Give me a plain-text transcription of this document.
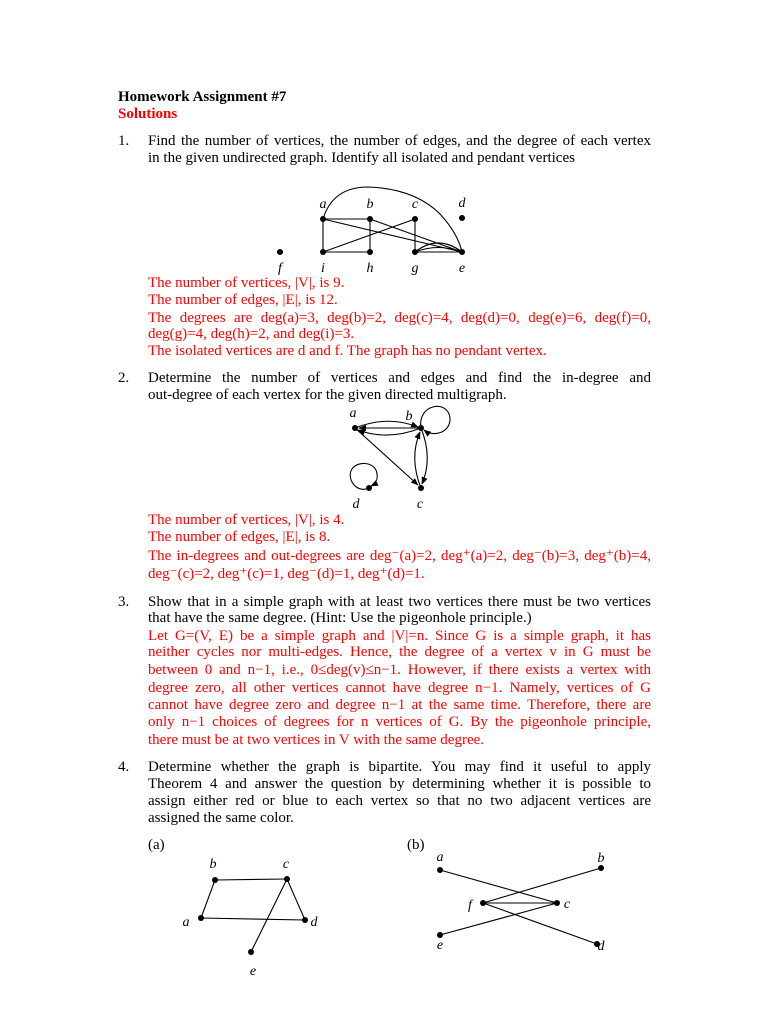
Homework Assignment #7
Solutions
1. Find the number of vertices, the number of edges, and the degree of each vertex
in the given undirected graph. Identify all isolated and pendant vertices
a	b	c	d
f	i	h	g	e
The number of vertices, |V|, is 9.
The number of edges, |E|, is 12.
The degrees are deg(a)=3, deg(b)=2, deg(c)=4, deg(d)=0, deg(e)=6, deg(f)=0,
deg(g)=4, deg(h)=2, and deg(i)=3.
The isolated vertices are d and f. The graph has no pendant vertex.
2. Determine the number of vertices and edges and find the in-degree and
out-degree of each vertex for the given directed multigraph.
a	b
d	c
The number of vertices, |V|, is 4.
The number of edges, |E|, is 8.
The in-degrees and out-degrees are deg⁻(a)=2, deg⁺(a)=2, deg⁻(b)=3, deg⁺(b)=4,
deg⁻(c)=2, deg⁺(c)=1, deg⁻(d)=1, deg⁺(d)=1.
3. Show that in a simple graph with at least two vertices there must be two vertices
that have the same degree. (Hint: Use the pigeonhole principle.)
Let G=(V, E) be a simple graph and |V|=n. Since G is a simple graph, it has
neither cycles nor multi-edges. Hence, the degree of a vertex v in G must be
between 0 and n−1, i.e., 0≤deg(v)≤n−1. However, if there exists a vertex with
degree zero, all other vertices cannot have degree n−1. Namely, vertices of G
cannot have degree zero and degree n−1 at the same time. Therefore, there are
only n−1 choices of degrees for n vertices of G. By the pigeonhole principle,
there must be at two vertices in V with the same degree.
4. Determine whether the graph is bipartite. You may find it useful to apply
Theorem 4 and answer the question by determining whether it is possible to
assign either red or blue to each vertex so that no two adjacent vertices are
assigned the same color.
(a)	(b)
b	c
a	d
e
a	b
f	c
e	d
